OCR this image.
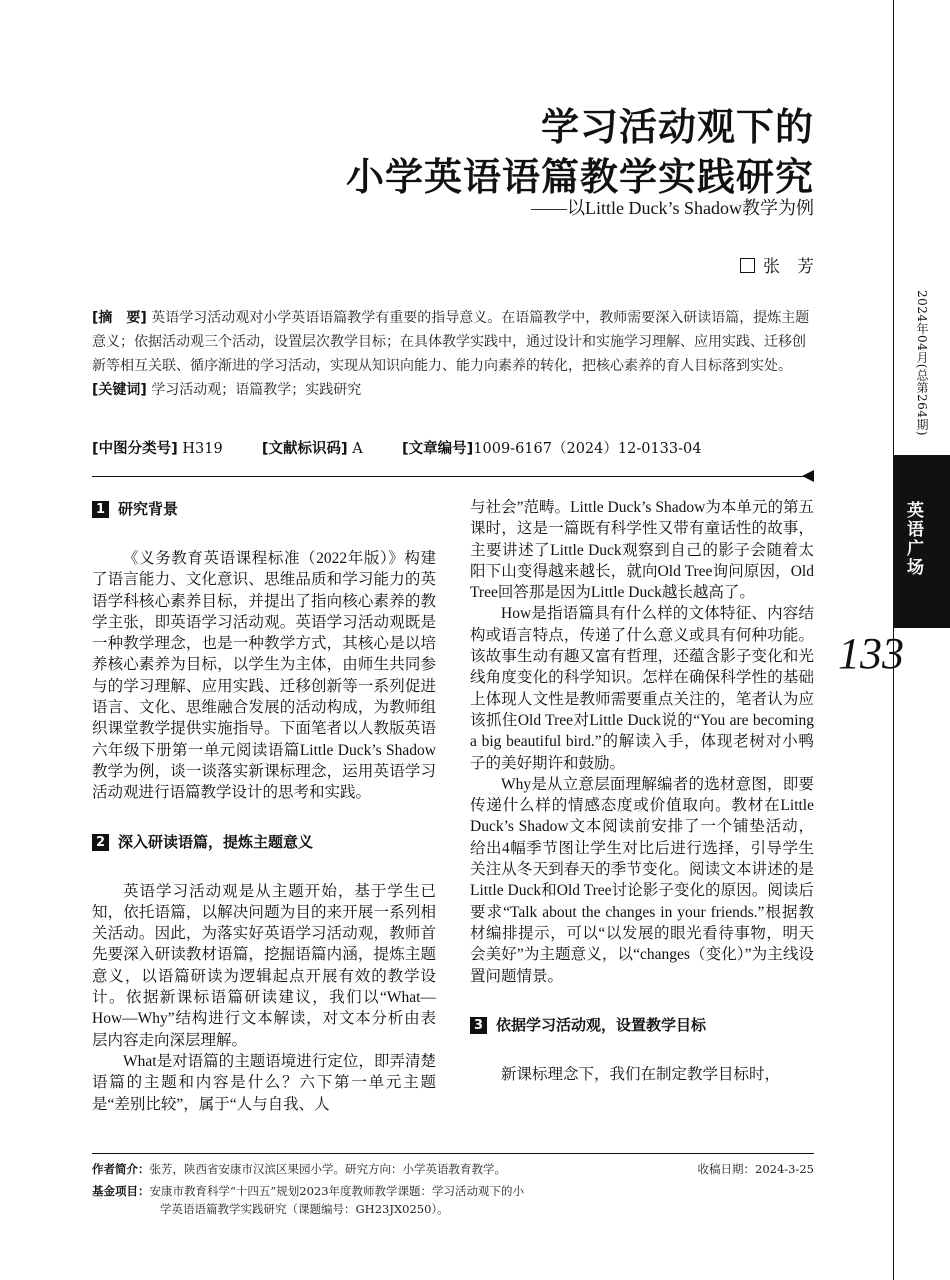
学习活动观下的
小学英语语篇教学实践研究
——以Little Duck’s Shadow教学为例
张　芳

[摘　要] 英语学习活动观对小学英语语篇教学有重要的指导意义。在语篇教学中，教师需要深入研读语篇，提炼主题意义；依据活动观三个活动，设置层次教学目标；在具体教学实践中，通过设计和实施学习理解、应用实践、迁移创新等相互关联、循序渐进的学习活动，实现从知识向能力、能力向素养的转化，把核心素养的育人目标落到实处。

[关键词] 学习活动观；语篇教学；实践研究

[中图分类号] H319	[文献标识码] A	[文章编号]1009-6167（2024）12-0133-04

1 研究背景

《义务教育英语课程标准（2022年版）》构建了语言能力、文化意识、思维品质和学习能力的英语学科核心素养目标，并提出了指向核心素养的教学主张，即英语学习活动观。英语学习活动观既是一种教学理念，也是一种教学方式，其核心是以培养核心素养为目标，以学生为主体，由师生共同参与的学习理解、应用实践、迁移创新等一系列促进语言、文化、思维融合发展的活动构成，为教师组织课堂教学提供实施指导。下面笔者以人教版英语六年级下册第一单元阅读语篇Little Duck’s Shadow教学为例，谈一谈落实新课标理念，运用英语学习活动观进行语篇教学设计的思考和实践。

2 深入研读语篇，提炼主题意义

英语学习活动观是从主题开始，基于学生已知，依托语篇，以解决问题为目的来开展一系列相关活动。因此，为落实好英语学习活动观，教师首先要深入研读教材语篇，挖掘语篇内涵，提炼主题意义，以语篇研读为逻辑起点开展有效的教学设计。依据新课标语篇研读建议，我们以“What—How—Why”结构进行文本解读，对文本分析由表层内容走向深层理解。

What是对语篇的主题语境进行定位，即弄清楚语篇的主题和内容是什么？六下第一单元主题是“差别比较”，属于“人与自我、人

与社会”范畴。Little Duck’s Shadow为本单元的第五课时，这是一篇既有科学性又带有童话性的故事，主要讲述了Little Duck观察到自己的影子会随着太阳下山变得越来越长，就向Old Tree询问原因，Old Tree回答那是因为Little Duck越长越高了。

How是指语篇具有什么样的文体特征、内容结构或语言特点，传递了什么意义或具有何种功能。该故事生动有趣又富有哲理，还蕴含影子变化和光线角度变化的科学知识。怎样在确保科学性的基础上体现人文性是教师需要重点关注的，笔者认为应该抓住Old Tree对Little Duck说的“You are becoming a big beautiful bird.”的解读入手，体现老树对小鸭子的美好期许和鼓励。

Why是从立意层面理解编者的选材意图，即要传递什么样的情感态度或价值取向。教材在Little Duck’s Shadow文本阅读前安排了一个铺垫活动，给出4幅季节图让学生对比后进行选择，引导学生关注从冬天到春天的季节变化。阅读文本讲述的是Little Duck和Old Tree讨论影子变化的原因。阅读后要求“Talk about the changes in your friends.”根据教材编排提示，可以“以发展的眼光看待事物，明天会美好”为主题意义，以“changes（变化）”为主线设置问题情景。

3 依据学习活动观，设置教学目标

新课标理念下，我们在制定教学目标时，

作者简介：张芳，陕西省安康市汉滨区果园小学。研究方向：小学英语教育教学。	收稿日期：2024-3-25
基金项目：安康市教育科学“十四五”规划2023年度教师教学课题：学习活动观下的小
学英语语篇教学实践研究（课题编号：GH23JX0250）。
2024年04月(总第264期)
英语广场
133
